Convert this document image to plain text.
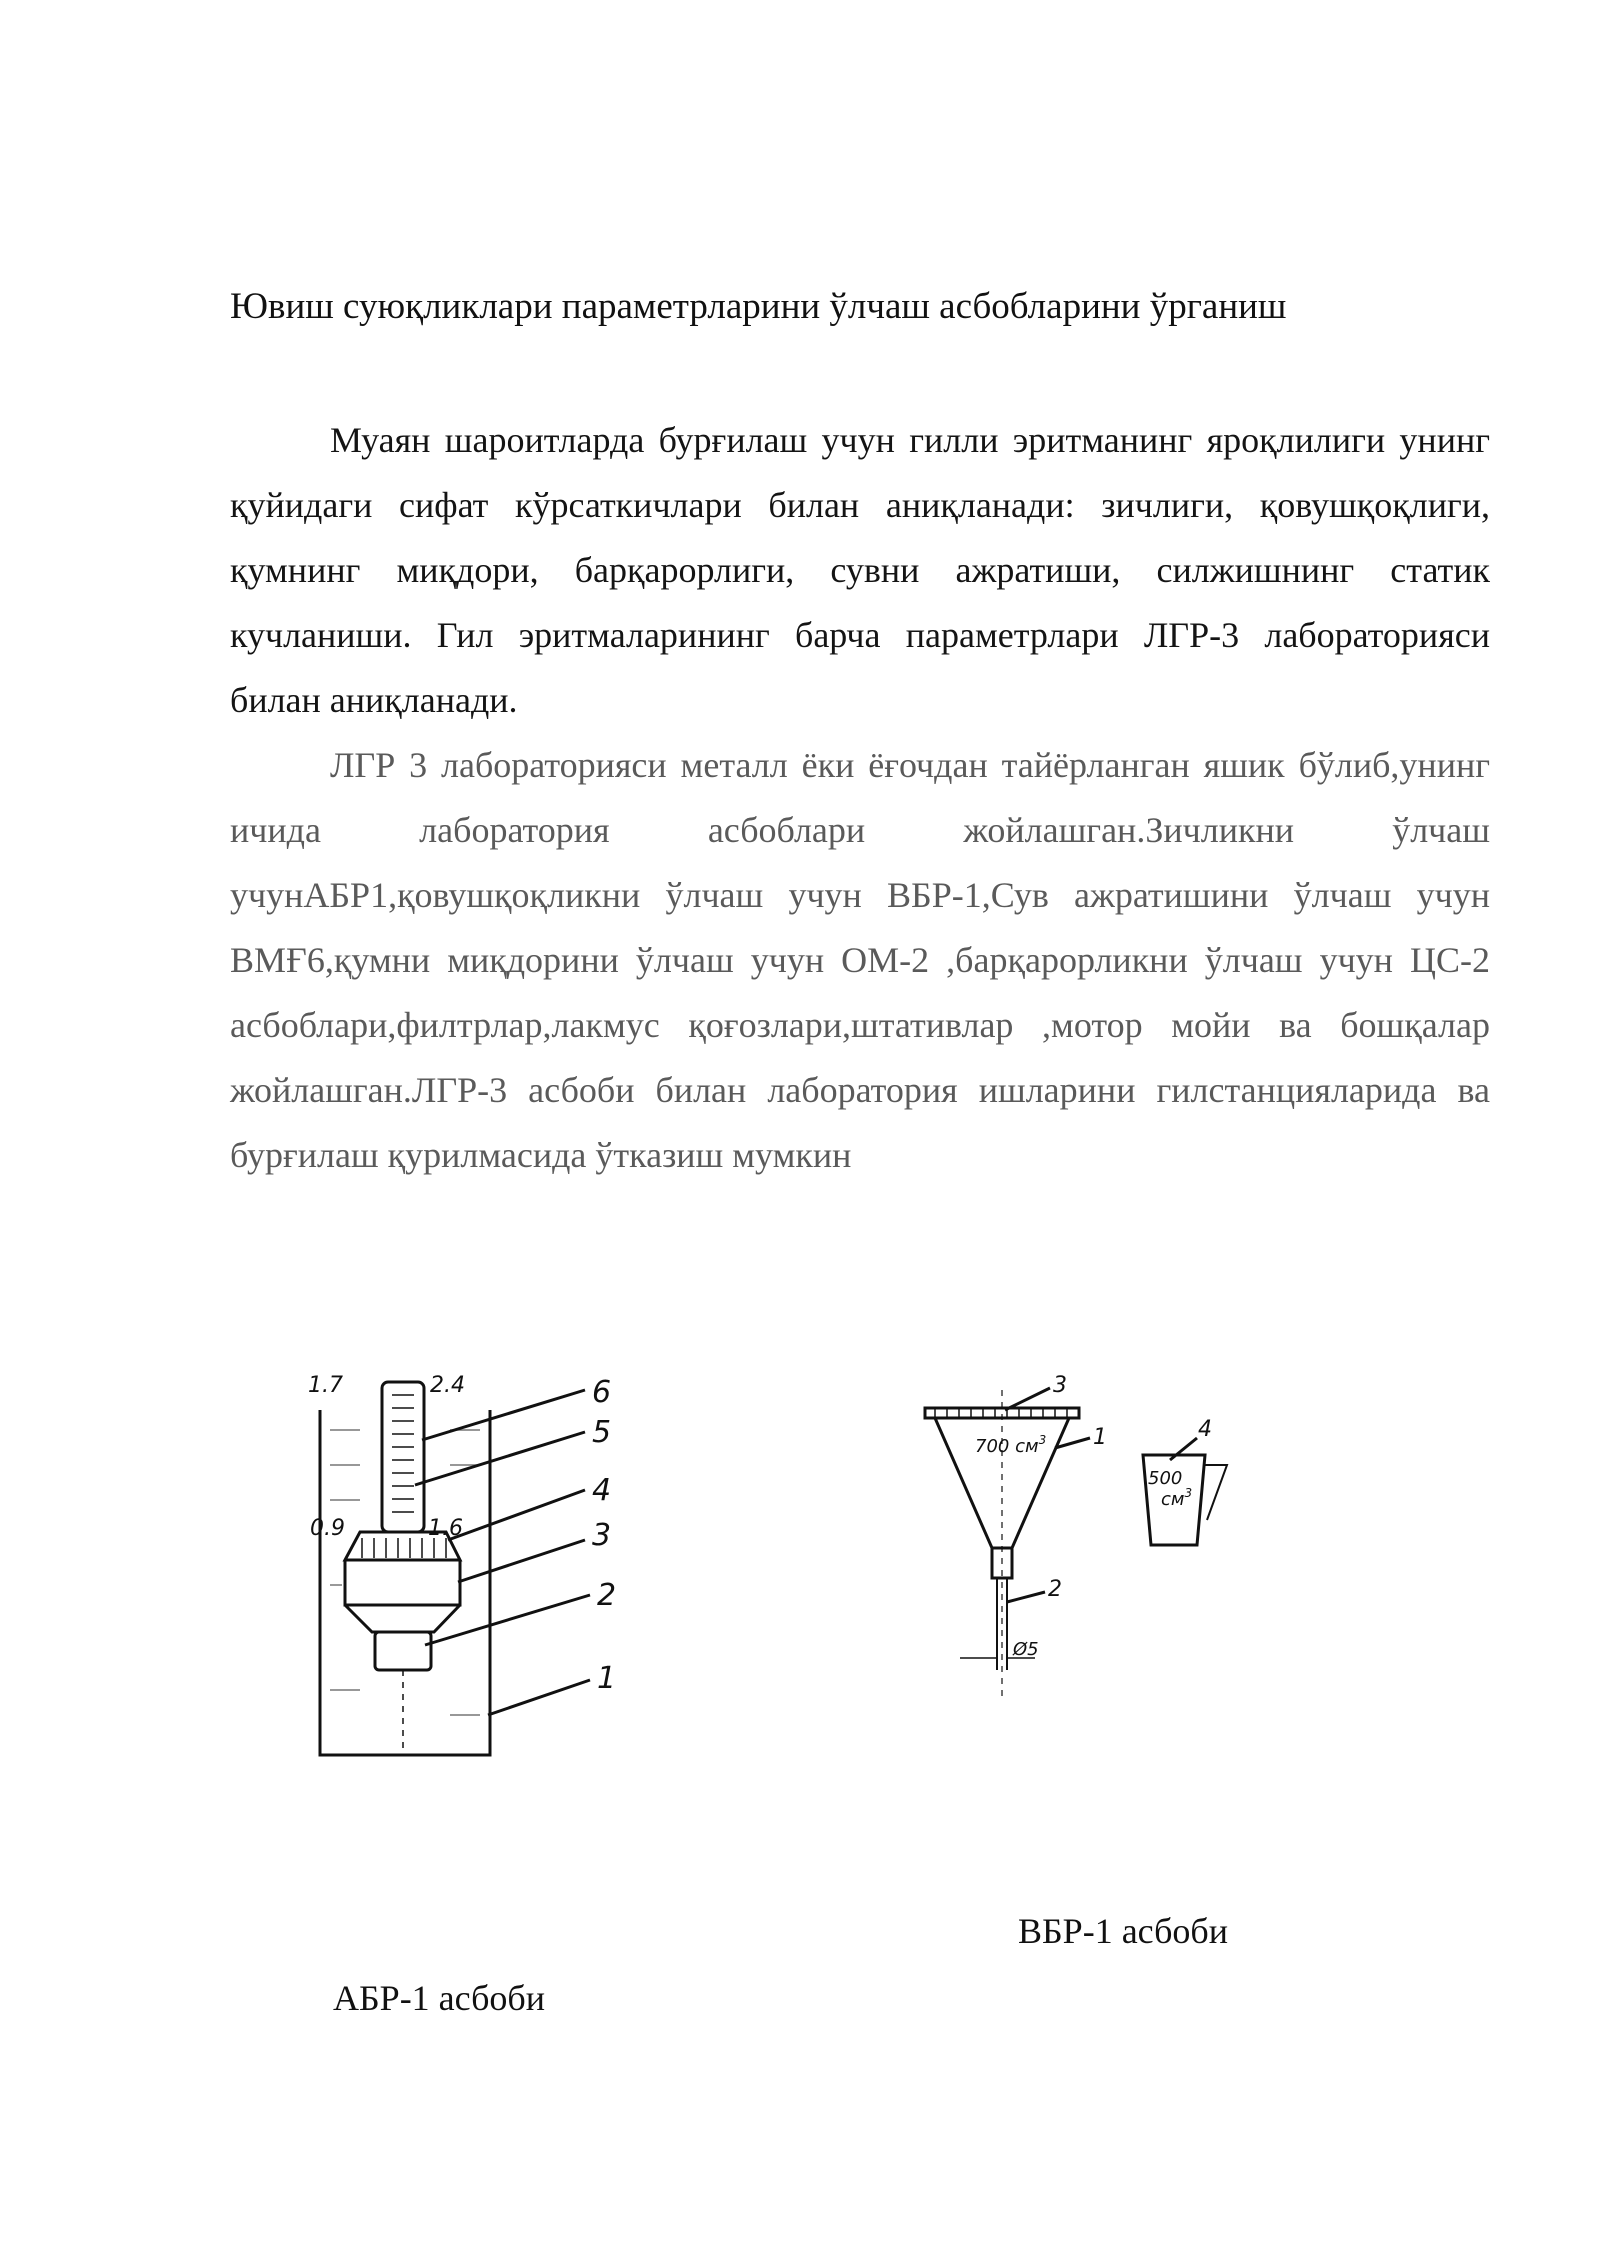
Ювиш суюқликлари параметрларини ўлчаш асбобларини ўрганиш

Муаян шароитларда бурғилаш учун гилли эритманинг яроқлилиги унинг қуйидаги сифат кўрсаткичлари билан аниқланади: зичлиги, қовушқоқлиги, қумнинг миқдори, барқарорлиги, сувни ажратиши, силжишнинг статик кучланиши. Гил эритмаларининг барча параметрлари ЛГР-3 лабораторияси билан аниқланади.

ЛГР 3 лабораторияси металл ёки ёғочдан тайёрланган яшик бўлиб,унинг ичида лаборатория асбоблари жойлашган.Зичликни ўлчаш учунАБР1,қовушқоқликни ўлчаш учун ВБР-1,Сув ажратишини ўлчаш учун ВМҒ6,қумни миқдорини ўлчаш учун ОМ-2 ,барқарорликни ўлчаш учун ЦС-2 асбоблари,филтрлар,лакмус қоғозлари,штативлар ,мотор мойи ва бошқалар жойлашган.ЛГР-3 асбоби билан лаборатория ишларини гилстанцияларида ва бурғилаш қурилмасида ўтказиш мумкин

1.7	2.4
0.9	1.6
6
5
4
3
2
1
700 $см^3$
500
$см^3$
Ø5
3
1
2
4
ВБР-1 асбоби
АБР-1 асбоби
